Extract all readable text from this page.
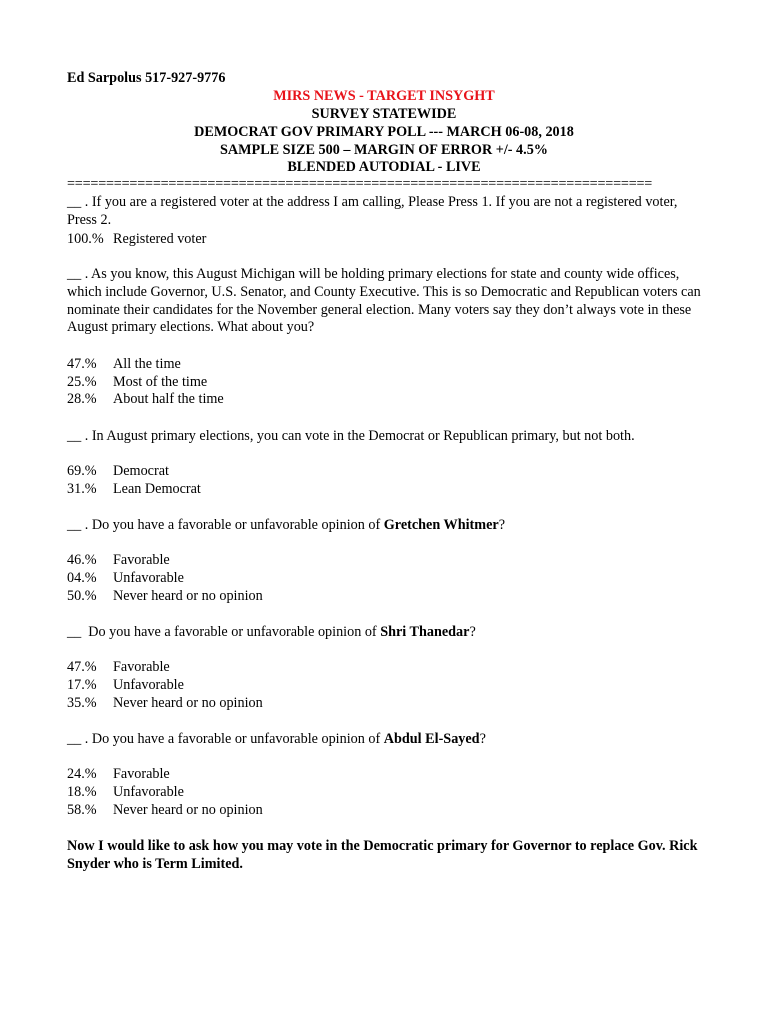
Ed Sarpolus 517-927-9776
MIRS NEWS - TARGET INSYGHT
SURVEY STATEWIDE
DEMOCRAT GOV PRIMARY POLL --- MARCH 06-08, 2018
SAMPLE SIZE 500 – MARGIN OF ERROR +/- 4.5%
BLENDED AUTODIAL - LIVE
===========================================================================
__ . If you are a registered voter at the address I am calling, Please Press 1. If you are not a registered voter, Press 2.
100.% Registered voter
__ . As you know, this August Michigan will be holding primary elections for state and county wide offices, which include Governor, U.S. Senator, and County Executive. This is so Democratic and Republican voters can nominate their candidates for the November general election. Many voters say they don’t always vote in these August primary elections. What about you?
47.% All the time
25.% Most of the time
28.% About half the time
__ . In August primary elections, you can vote in the Democrat or Republican primary, but not both.
69.% Democrat
31.% Lean Democrat
__ . Do you have a favorable or unfavorable opinion of Gretchen Whitmer?
46.% Favorable
04.% Unfavorable
50.% Never heard or no opinion
__  Do you have a favorable or unfavorable opinion of Shri Thanedar?
47.% Favorable
17.% Unfavorable
35.% Never heard or no opinion
__ . Do you have a favorable or unfavorable opinion of Abdul El-Sayed?
24.% Favorable
18.% Unfavorable
58.% Never heard or no opinion
Now I would like to ask how you may vote in the Democratic primary for Governor to replace Gov. Rick Snyder who is Term Limited.
